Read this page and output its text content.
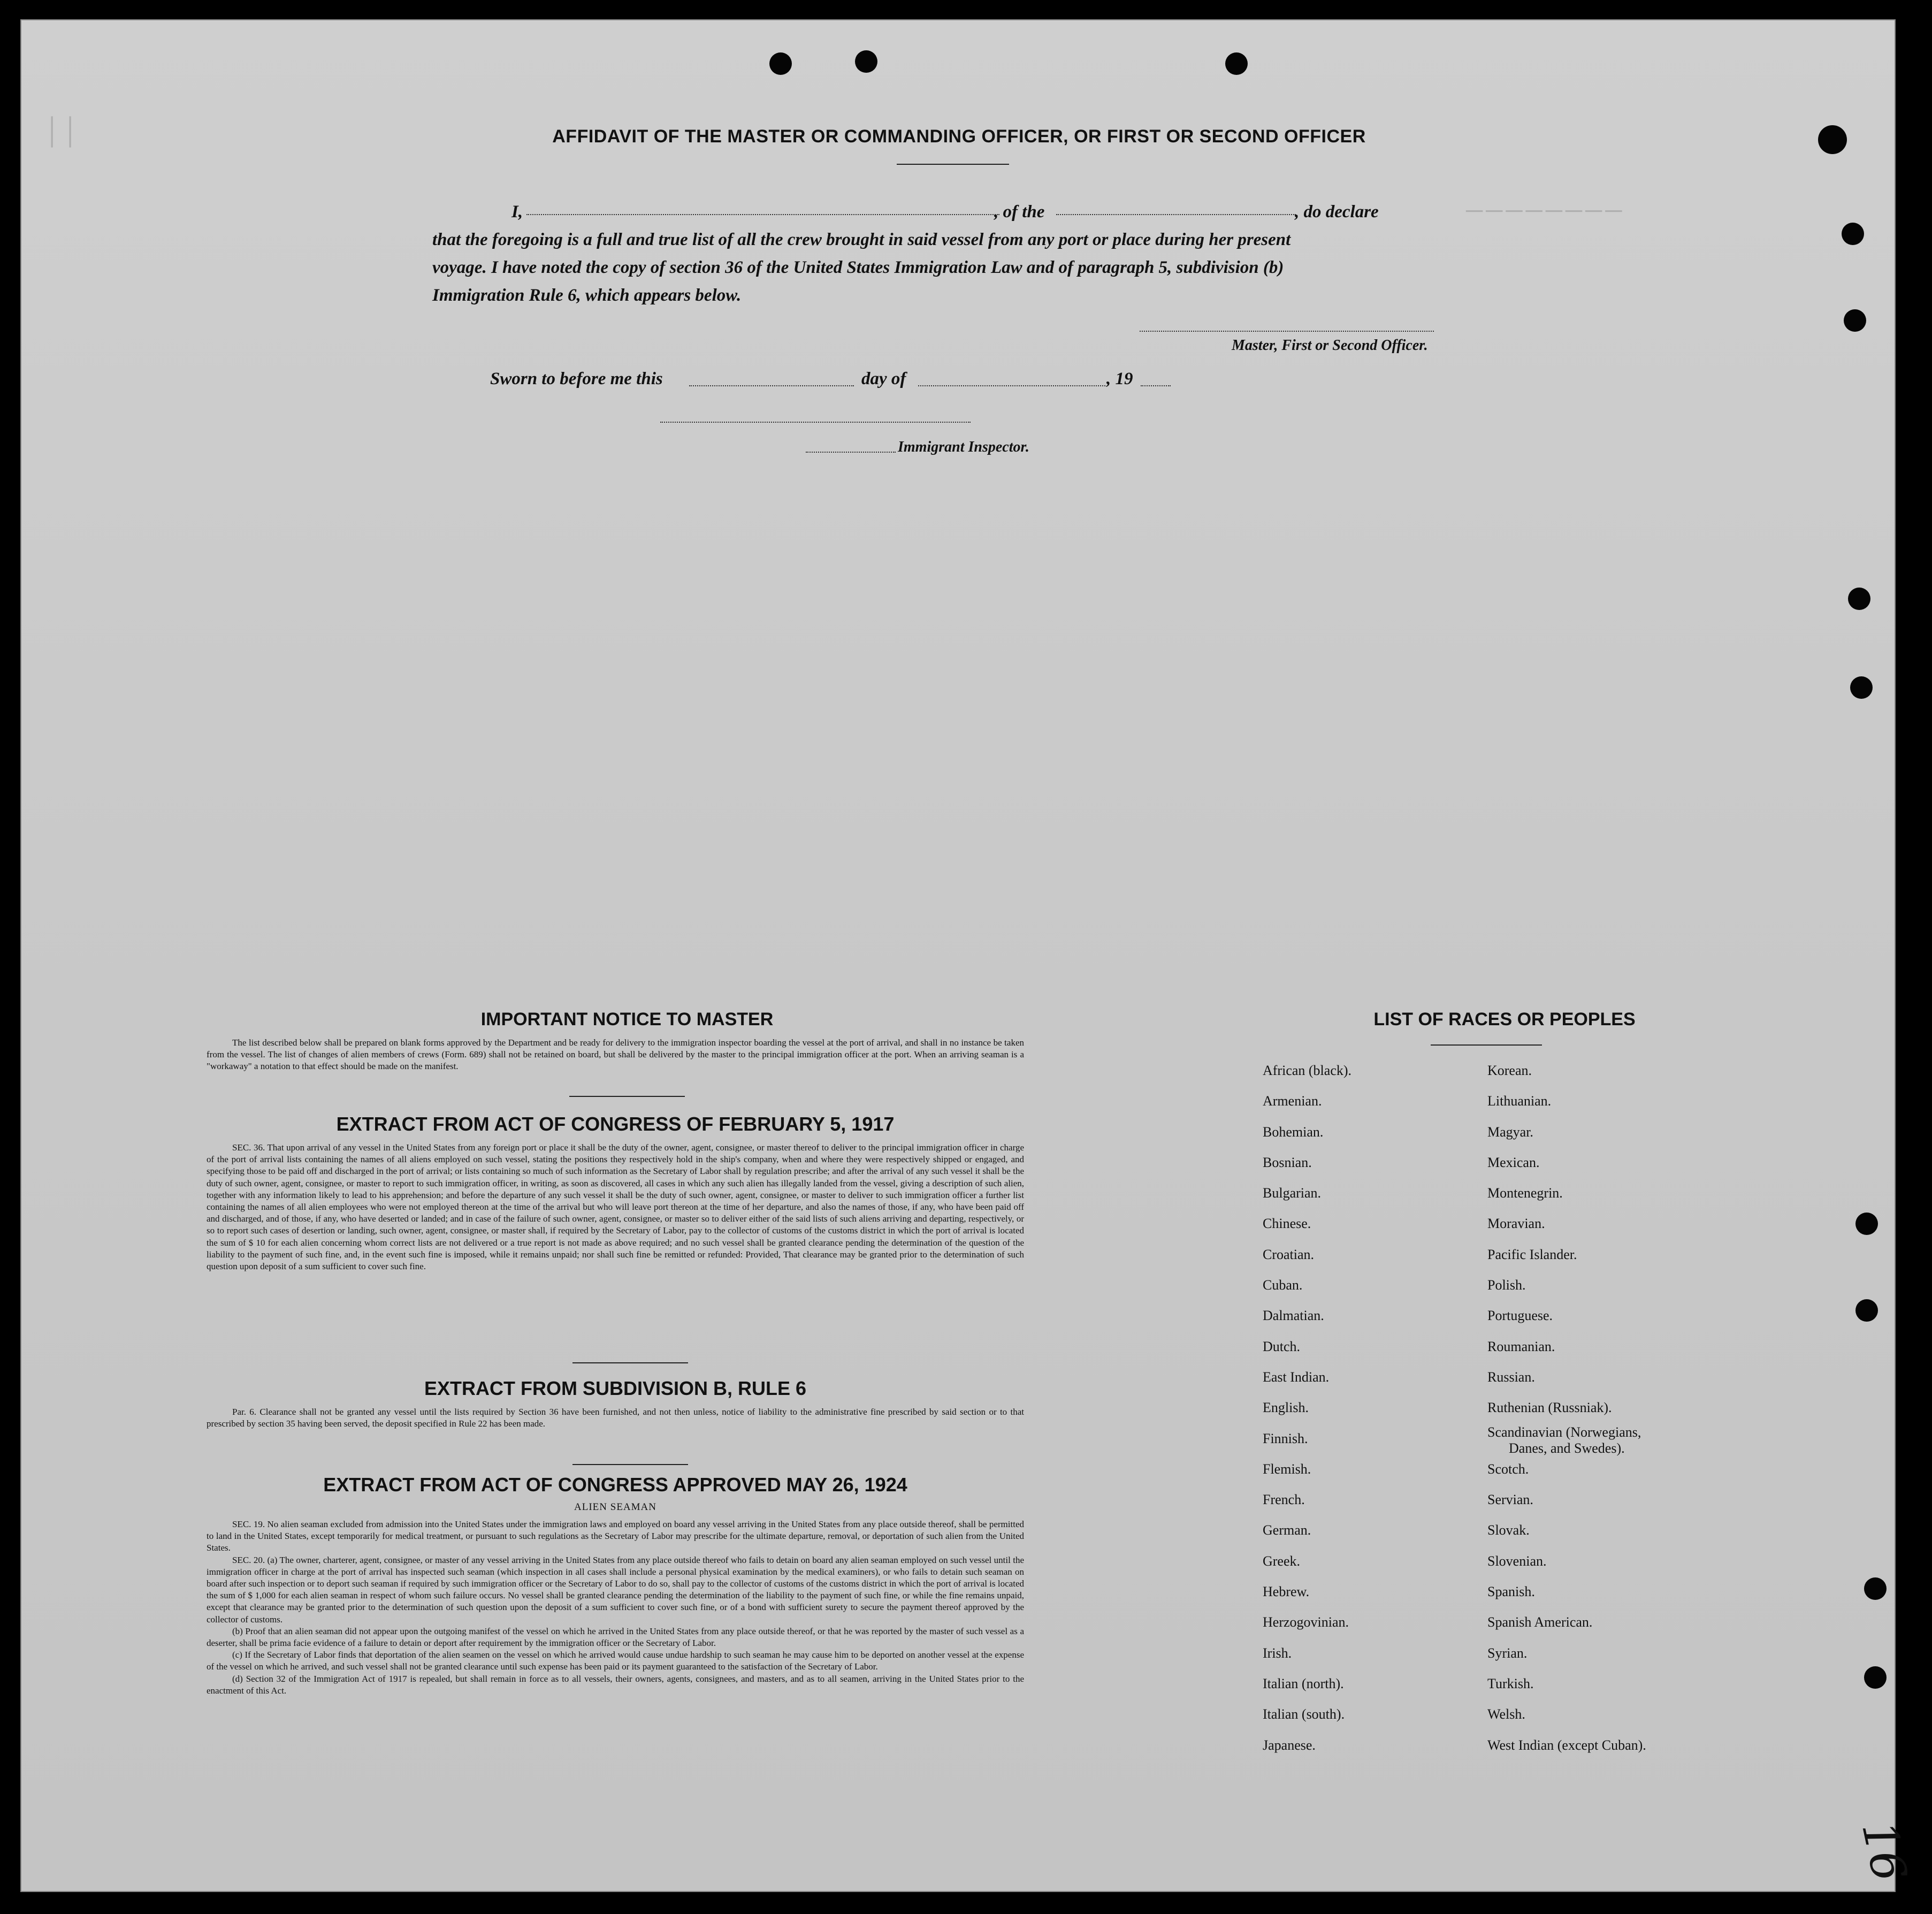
────────
││	AFFIDAVIT OF THE MASTER OR COMMANDING OFFICER, OR FIRST OR SECOND OFFICER
I,	, of the	, do declare
that the foregoing is a full and true list of all the crew brought in said vessel from any port or place during her present
voyage. I have noted the copy of section 36 of the United States Immigration Law and of paragraph 5, subdivision (b)
Immigration Rule 6, which appears below.
Master, First or Second Officer.
Sworn to before me this	day of	, 19
Immigrant Inspector.
IMPORTANT NOTICE TO MASTER

The list described below shall be prepared on blank forms approved by the Department and be ready for delivery to the immigration inspector boarding the vessel at the port of arrival, and shall in no instance be taken from the vessel. The list of changes of alien members of crews (Form. 689) shall not be retained on board, but shall be delivered by the master to the principal immigration officer at the port. When an arriving seaman is a "workaway" a notation to that effect should be made on the manifest.

EXTRACT FROM ACT OF CONGRESS OF FEBRUARY 5, 1917

SEC. 36. That upon arrival of any vessel in the United States from any foreign port or place it shall be the duty of the owner, agent, consignee, or master thereof to deliver to the principal immigration officer in charge of the port of arrival lists containing the names of all aliens employed on such vessel, stating the positions they respectively hold in the ship's company, when and where they were respectively shipped or engaged, and specifying those to be paid off and discharged in the port of arrival; or lists containing so much of such information as the Secretary of Labor shall by regulation prescribe; and after the arrival of any such vessel it shall be the duty of such owner, agent, consignee, or master to report to such immigration officer, in writing, as soon as discovered, all cases in which any such alien has illegally landed from the vessel, giving a description of such alien, together with any information likely to lead to his apprehension; and before the departure of any such vessel it shall be the duty of such owner, agent, consignee, or master to deliver to such immigration officer a further list containing the names of all alien employees who were not employed thereon at the time of the arrival but who will leave port thereon at the time of her departure, and also the names of those, if any, who have been paid off and discharged, and of those, if any, who have deserted or landed; and in case of the failure of such owner, agent, consignee, or master so to deliver either of the said lists of such aliens arriving and departing, respectively, or so to report such cases of desertion or landing, such owner, agent, consignee, or master shall, if required by the Secretary of Labor, pay to the collector of customs of the customs district in which the port of arrival is located the sum of $ 10 for each alien concerning whom correct lists are not delivered or a true report is not made as above required; and no such vessel shall be granted clearance pending the determination of the question of the liability to the payment of such fine, and, in the event such fine is imposed, while it remains unpaid; nor shall such fine be remitted or refunded: Provided, That clearance may be granted prior to the determination of such question upon deposit of a sum sufficient to cover such fine.

EXTRACT FROM SUBDIVISION B, RULE 6

Par. 6. Clearance shall not be granted any vessel until the lists required by Section 36 have been furnished, and not then unless, notice of liability to the administrative fine prescribed by said section or to that prescribed by section 35 having been served, the deposit specified in Rule 22 has been made.

EXTRACT FROM ACT OF CONGRESS APPROVED MAY 26, 1924
ALIEN SEAMAN

SEC. 19. No alien seaman excluded from admission into the United States under the immigration laws and employed on board any vessel arriving in the United States from any place outside thereof, shall be permitted to land in the United States, except temporarily for medical treatment, or pursuant to such regulations as the Secretary of Labor may prescribe for the ultimate departure, removal, or deportation of such alien from the United States.

SEC. 20. (a) The owner, charterer, agent, consignee, or master of any vessel arriving in the United States from any place outside thereof who fails to detain on board any alien seaman employed on such vessel until the immigration officer in charge at the port of arrival has inspected such seaman (which inspection in all cases shall include a personal physical examination by the medical examiners), or who fails to detain such seaman on board after such inspection or to deport such seaman if required by such immigration officer or the Secretary of Labor to do so, shall pay to the collector of customs of the customs district in which the port of arrival is located the sum of $ 1,000 for each alien seaman in respect of whom such failure occurs. No vessel shall be granted clearance pending the determination of the liability to the payment of such fine, or while the fine remains unpaid, except that clearance may be granted prior to the determination of such question upon the deposit of a sum sufficient to cover such fine, or of a bond with sufficient surety to secure the payment thereof approved by the collector of customs.

(b) Proof that an alien seaman did not appear upon the outgoing manifest of the vessel on which he arrived in the United States from any place outside thereof, or that he was reported by the master of such vessel as a deserter, shall be prima facie evidence of a failure to detain or deport after requirement by the immigration officer or the Secretary of Labor.

(c) If the Secretary of Labor finds that deportation of the alien seamen on the vessel on which he arrived would cause undue hardship to such seaman he may cause him to be deported on another vessel at the expense of the vessel on which he arrived, and such vessel shall not be granted clearance until such expense has been paid or its payment guaranteed to the satisfaction of the Secretary of Labor.

(d) Section 32 of the Immigration Act of 1917 is repealed, but shall remain in force as to all vessels, their owners, agents, consignees, and masters, and as to all seamen, arriving in the United States prior to the enactment of this Act.

LIST OF RACES OR PEOPLES
African (black).
Armenian.
Bohemian.
Bosnian.
Bulgarian.
Chinese.
Croatian.
Cuban.
Dalmatian.
Dutch.
East Indian.
English.
Finnish.
Flemish.
French.
German.
Greek.
Hebrew.
Herzogovinian.
Irish.
Italian (north).
Italian (south).
Japanese.
Korean.
Lithuanian.
Magyar.
Mexican.
Montenegrin.
Moravian.
Pacific Islander.
Polish.
Portuguese.
Roumanian.
Russian.
Ruthenian (Russniak).
Scandinavian (Norwegians,
Danes, and Swedes).
Scotch.
Servian.
Slovak.
Slovenian.
Spanish.
Spanish American.
Syrian.
Turkish.
Welsh.
West Indian (except Cuban).
16
